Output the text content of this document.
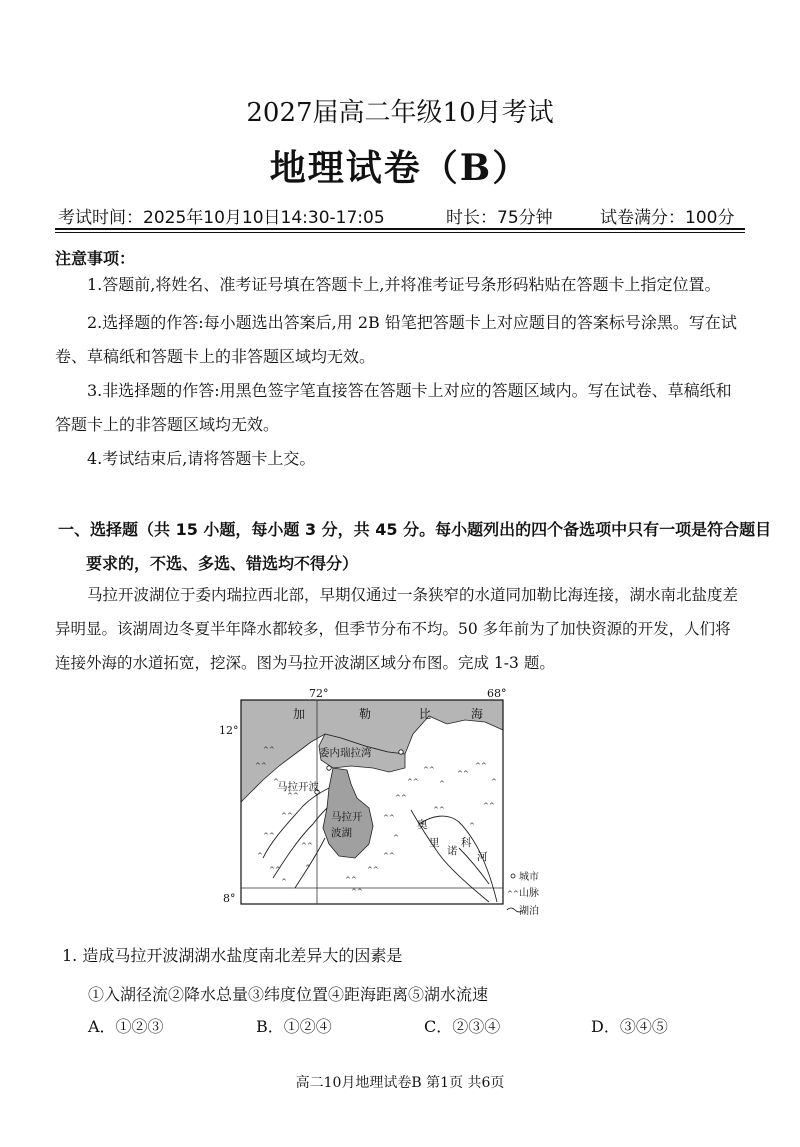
2027届高二年级10月考试
地理试卷（B）
考试时间：2025年10月10日14:30-17:05	时长：75分钟	试卷满分：100分
注意事项：

1.答题前,将姓名、准考证号填在答题卡上,并将准考证号条形码粘贴在答题卡上指定位置。

2.选择题的作答:每小题选出答案后,用 2B 铅笔把答题卡上对应题目的答案标号涂黑。写在试卷、草稿纸和答题卡上的非答题区域均无效。

3.非选择题的作答:用黑色签字笔直接答在答题卡上对应的答题区域内。写在试卷、草稿纸和答题卡上的非答题区域均无效。

4.考试结束后,请将答题卡上交。

一、选择题（共 15 小题，每小题 3 分，共 45 分。每小题列出的四个备选项中只有一项是符合题目要求的，不选、多选、错选均不得分）

马拉开波湖位于委内瑞拉西北部，早期仅通过一条狭窄的水道同加勒比海连接，湖水南北盐度差异明显。该湖周边冬夏半年降水都较多，但季节分布不均。50 多年前为了加快资源的开发，人们将连接外海的水道拓宽，挖深。图为马拉开波湖区域分布图。完成 1-3 题。

^^
^^
^
^^
^^
^^
^
^^
^
^^
^
^^
^^
^^
^
^^
^^
^^
^^
^
^^
^^
^
^^
^
^^
^^
72°	68°
12°
8°
加	勒	比	海
委内瑞拉湾
马拉开波
马拉开
波湖
奥
里
诺
科
河
城市
^^ 山脉
湖泊
1. 造成马拉开波湖湖水盐度南北差异大的因素是
①入湖径流②降水总量③纬度位置④距海距离⑤湖水流速
A．①②③	B．①②④	C．②③④	D．③④⑤
高二10月地理试卷B 第1页 共6页
